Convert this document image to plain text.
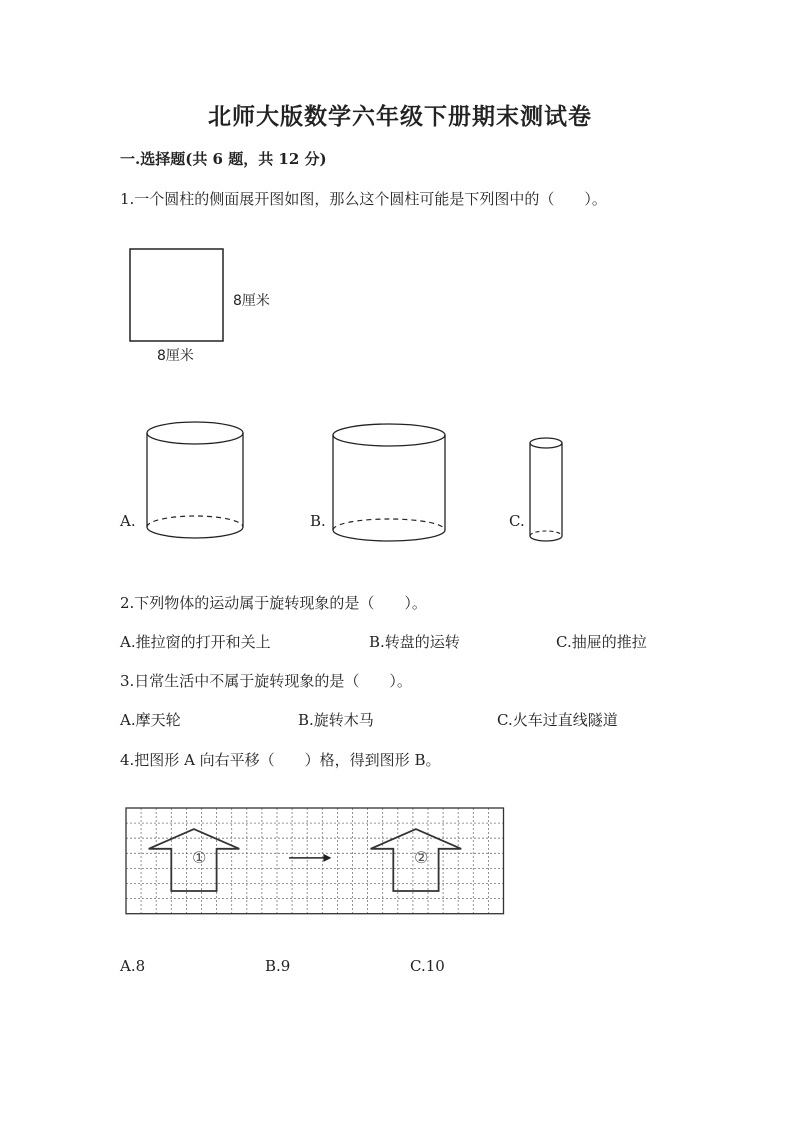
北师大版数学六年级下册期末测试卷
一.选择题(共 6 题，共 12 分)
1.一个圆柱的侧面展开图如图，那么这个圆柱可能是下列图中的（　　）。
8厘米
8厘米
A.	B.	C.
2.下列物体的运动属于旋转现象的是（　　）。
A.推拉窗的打开和关上	B.转盘的运转	C.抽屉的推拉
3.日常生活中不属于旋转现象的是（　　）。
A.摩天轮	B.旋转木马	C.火车过直线隧道
4.把图形 A 向右平移（　　）格，得到图形 B。
①	②
A.8	B.9	C.10
